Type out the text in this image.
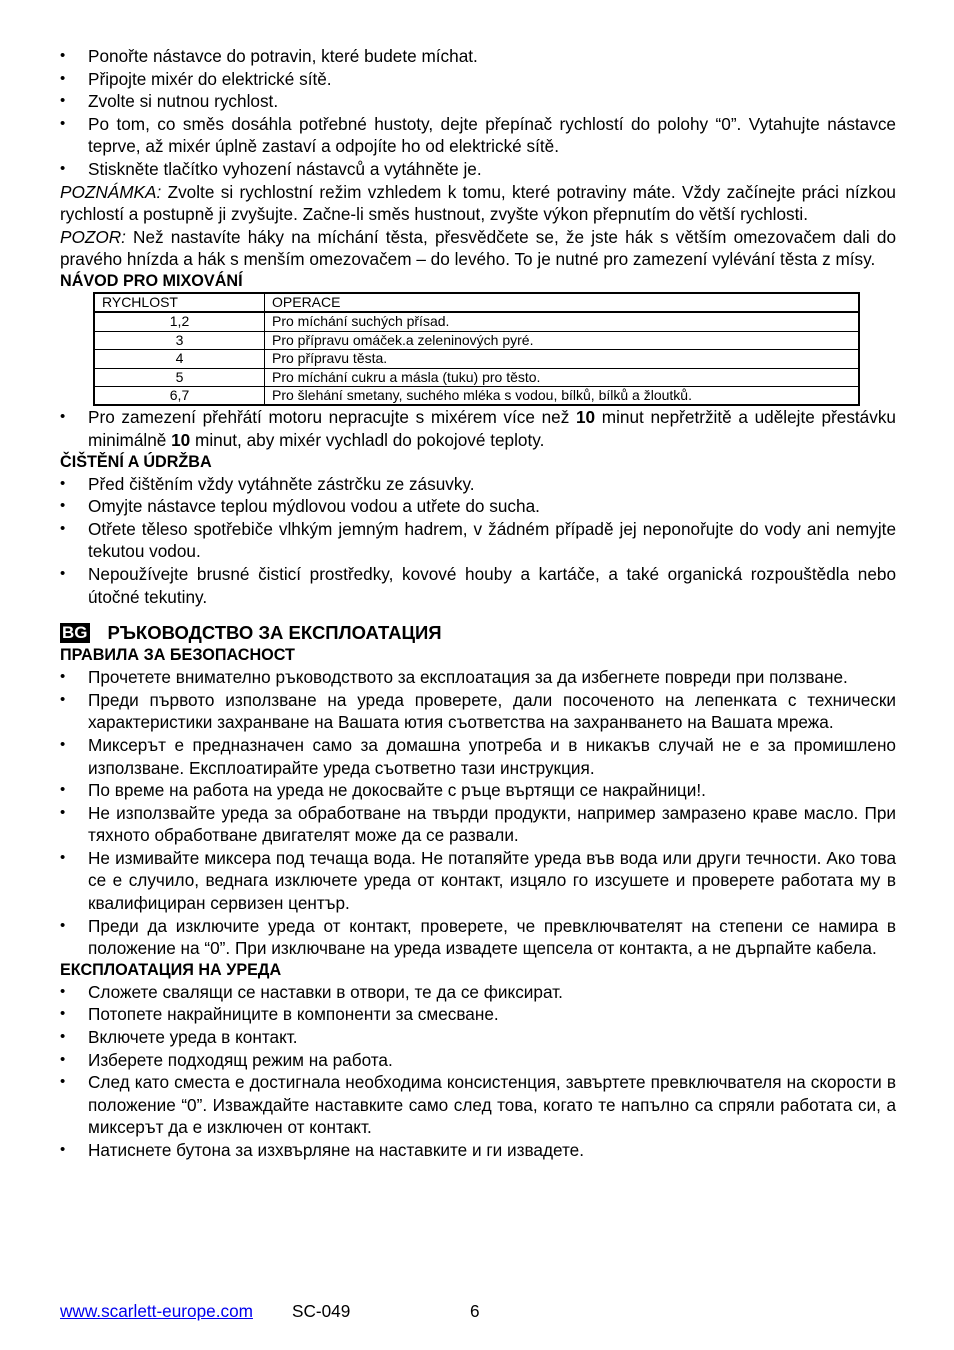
• Ponořte nástavce do potravin, které budete míchat.
• Připojte mixér do elektrické sítě.
• Zvolte si nutnou rychlost.
• Po tom, co směs dosáhla potřebné hustoty, dejte přepínač rychlostí do polohy “0”. Vytahujte nástavce teprve, až mixér úplně zastaví a odpojíte ho od elektrické sítě.
• Stiskněte tlačítko vyhození nástavců a vytáhněte je.

POZNÁMKA: Zvolte si rychlostní režim vzhledem k tomu, které potraviny máte. Vždy začínejte práci nízkou rychlostí a postupně ji zvyšujte. Začne-li směs hustnout, zvyšte výkon přepnutím do větší rychlosti.

POZOR: Než nastavíte háky na míchání těsta, přesvědčete se, že jste hák s větším omezovačem dali do pravého hnízda a hák s menším omezovačem – do levého. To je nutné pro zamezení vylévání těsta z mísy.

NÁVOD PRO MIXOVÁNÍ
RYCHLOST	OPERACE
1,2	Pro míchání suchých přísad.
3	Pro přípravu omáček.a zeleninových pyré.
4	Pro přípravu těsta.
5	Pro míchání cukru a másla (tuku) pro těsto.
6,7	Pro šlehání smetany, suchého mléka s vodou, bílků, bílků a žloutků.
• Pro zamezení přehřátí motoru nepracujte s mixérem více než 10 minut nepřetržitě a udělejte přestávku minimálně 10 minut, aby mixér vychladl do pokojové teploty.
ČIŠTĚNÍ A ÚDRŽBA
• Před čištěním vždy vytáhněte zástrčku ze zásuvky.
• Omyjte nástavce teplou mýdlovou vodou a utřete do sucha.
• Otřete těleso spotřebiče vlhkým jemným hadrem, v žádném případě jej neponořujte do vody ani nemyjte tekutou vodou.
• Nepoužívejte brusné čisticí prostředky, kovové houby a kartáče, a také organická rozpouštědla nebo útočné tekutiny.
BG РЪКОВОДСТВО ЗА ЕКСПЛОАТАЦИЯ
ПРАВИЛА ЗА БЕЗОПАСНОСТ
• Прочетете внимателно ръководството за експлоатация за да избегнете повреди при ползване.
• Преди първото използване на уреда проверете, дали посоченото на лепенката с технически характеристики захранване на Вашата ютия съответства на захранването на Вашата мрежа.
• Миксерът е предназначен само за домашна употреба и в никакъв случай не е за промишлено използване. Експлоатирайте уреда съответно тази инструкция.
• По време на работа на уреда не докосвайте с ръце въртящи се накрайници!.
• Не използвайте уреда за обработване на твърди продукти, например замразено краве масло. При тяхното обработване двигателят може да се развали.
• Не измивайте миксера под течаща вода. Не потапяйте уреда във вода или други течности. Ако това се е случило, веднага изключете уреда от контакт, изцяло го изсушете и проверете работата му в квалифициран сервизен център.
• Преди да изключите уреда от контакт, проверете, че превключвателят на степени се намира в положение на “0”. При изключване на уреда извадете щепсела от контакта, а не дърпайте кабела.
ЕКСПЛОАТАЦИЯ НА УРЕДА
• Сложете свалящи се наставки в отвори, те да се фиксират.
• Потопете накрайниците в компоненти за смесване.
• Включете уреда в контакт.
• Изберете подходящ режим на работа.
• След като сместа е достигнала необходима консистенция, завъртете превключвателя на скорости в положение “0”. Изваждайте наставките само след това, когато те напълно са спряли работата си, а миксерът да е изключен от контакт.
• Натиснете бутона за изхвърляне на наставките и ги извадете.
www.scarlett-europe.com SC-049	6
